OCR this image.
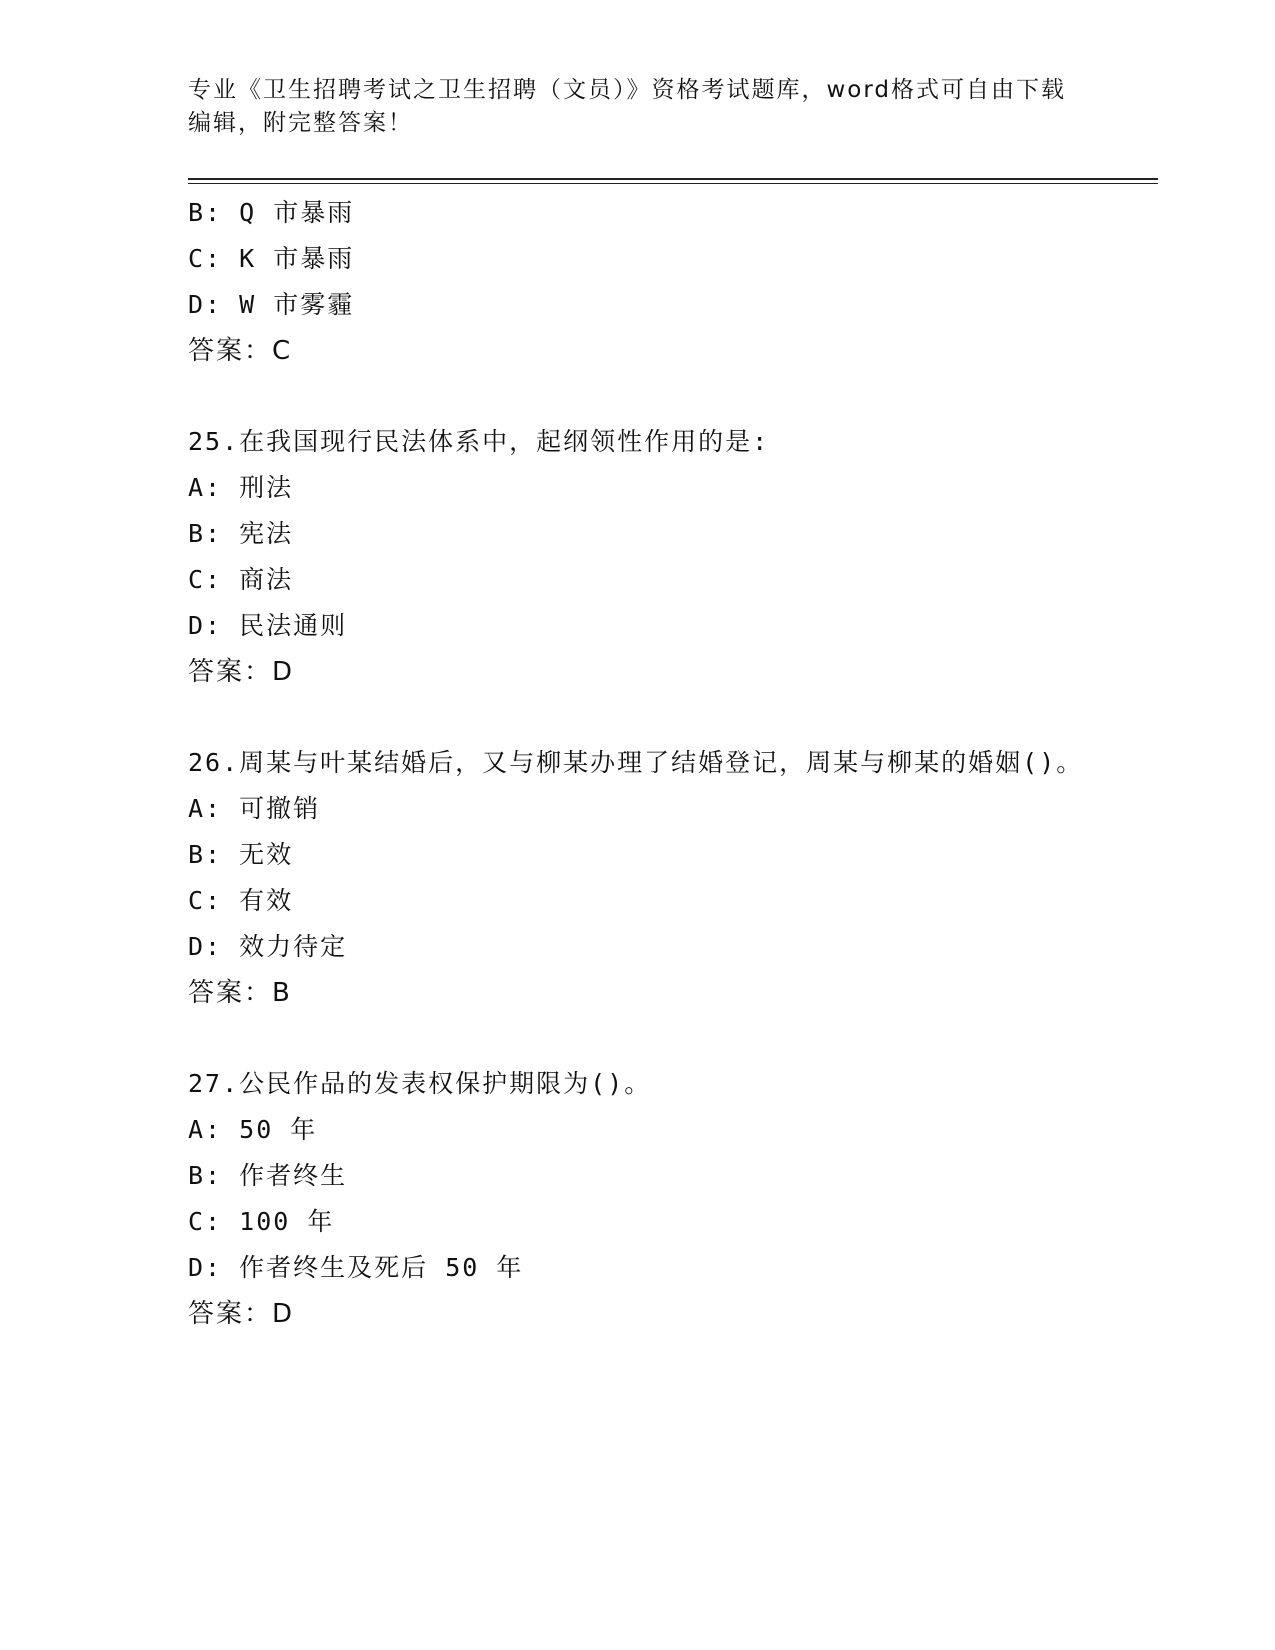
专业《卫生招聘考试之卫生招聘（文员）》资格考试题库，word格式可自由下载编辑，附完整答案！
B: Q 市暴雨
C: K 市暴雨
D: W 市雾霾
答案：C
25.在我国现行民法体系中，起纲领性作用的是:
A: 刑法
B: 宪法
C: 商法
D: 民法通则
答案：D
26.周某与叶某结婚后，又与柳某办理了结婚登记，周某与柳某的婚姻()。
A: 可撤销
B: 无效
C: 有效
D: 效力待定
答案：B
27.公民作品的发表权保护期限为()。
A: 50 年
B: 作者终生
C: 100 年
D: 作者终生及死后 50 年
答案：D
